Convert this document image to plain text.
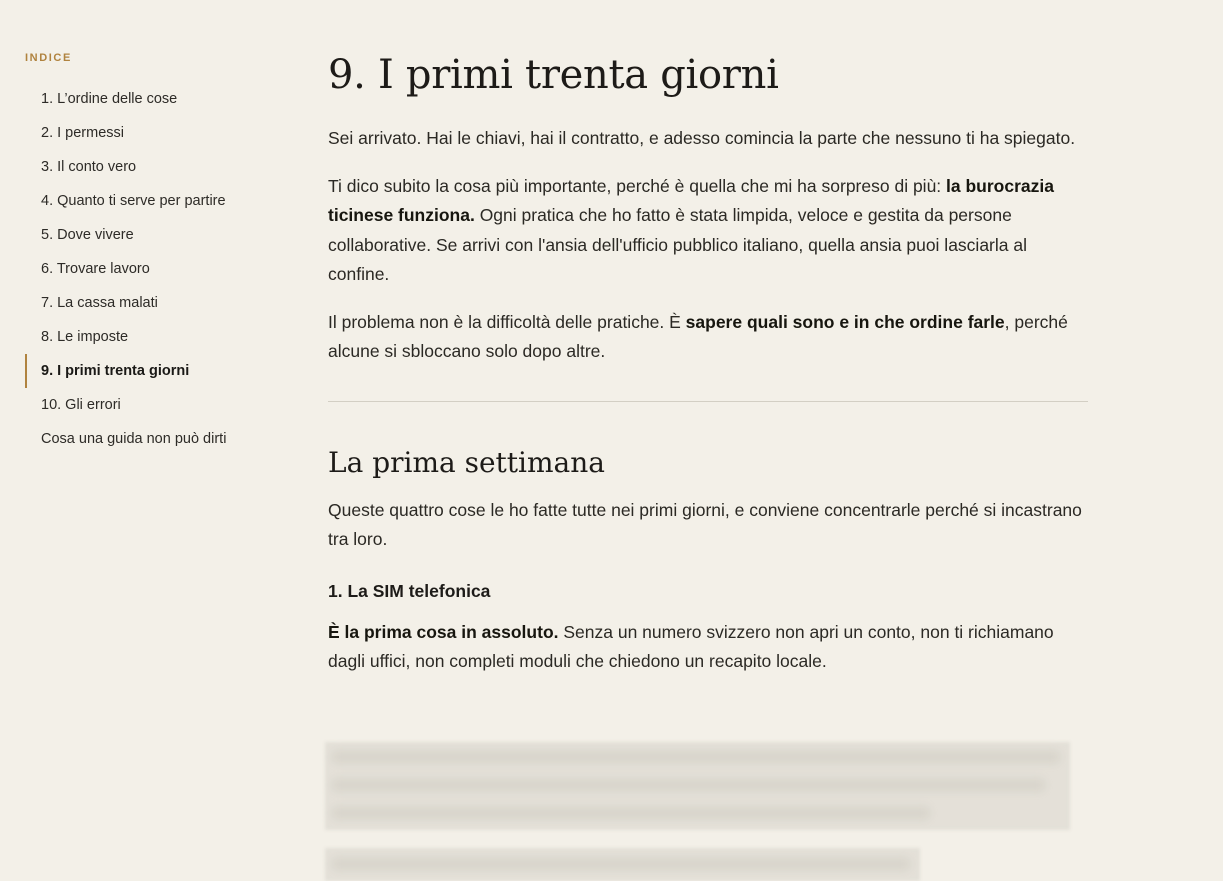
INDICE
1. L’ordine delle cose
2. I permessi
3. Il conto vero
4. Quanto ti serve per partire
5. Dove vivere
6. Trovare lavoro
7. La cassa malati
8. Le imposte
9. I primi trenta giorni
10. Gli errori
Cosa una guida non può dirti
9. I primi trenta giorni

Sei arrivato. Hai le chiavi, hai il contratto, e adesso comincia la parte che nessuno ti ha spiegato.

Ti dico subito la cosa più importante, perché è quella che mi ha sorpreso di più: la burocrazia ticinese funziona. Ogni pratica che ho fatto è stata limpida, veloce e gestita da persone collaborative. Se arrivi con l'ansia dell'ufficio pubblico italiano, quella ansia puoi lasciarla al confine.

Il problema non è la difficoltà delle pratiche. È sapere quali sono e in che ordine farle, perché alcune si sbloccano solo dopo altre.

La prima settimana

Queste quattro cose le ho fatte tutte nei primi giorni, e conviene concentrarle perché si incastrano tra loro.

1. La SIM telefonica

È la prima cosa in assoluto. Senza un numero svizzero non apri un conto, non ti richiamano dagli uffici, non completi moduli che chiedono un recapito locale.
